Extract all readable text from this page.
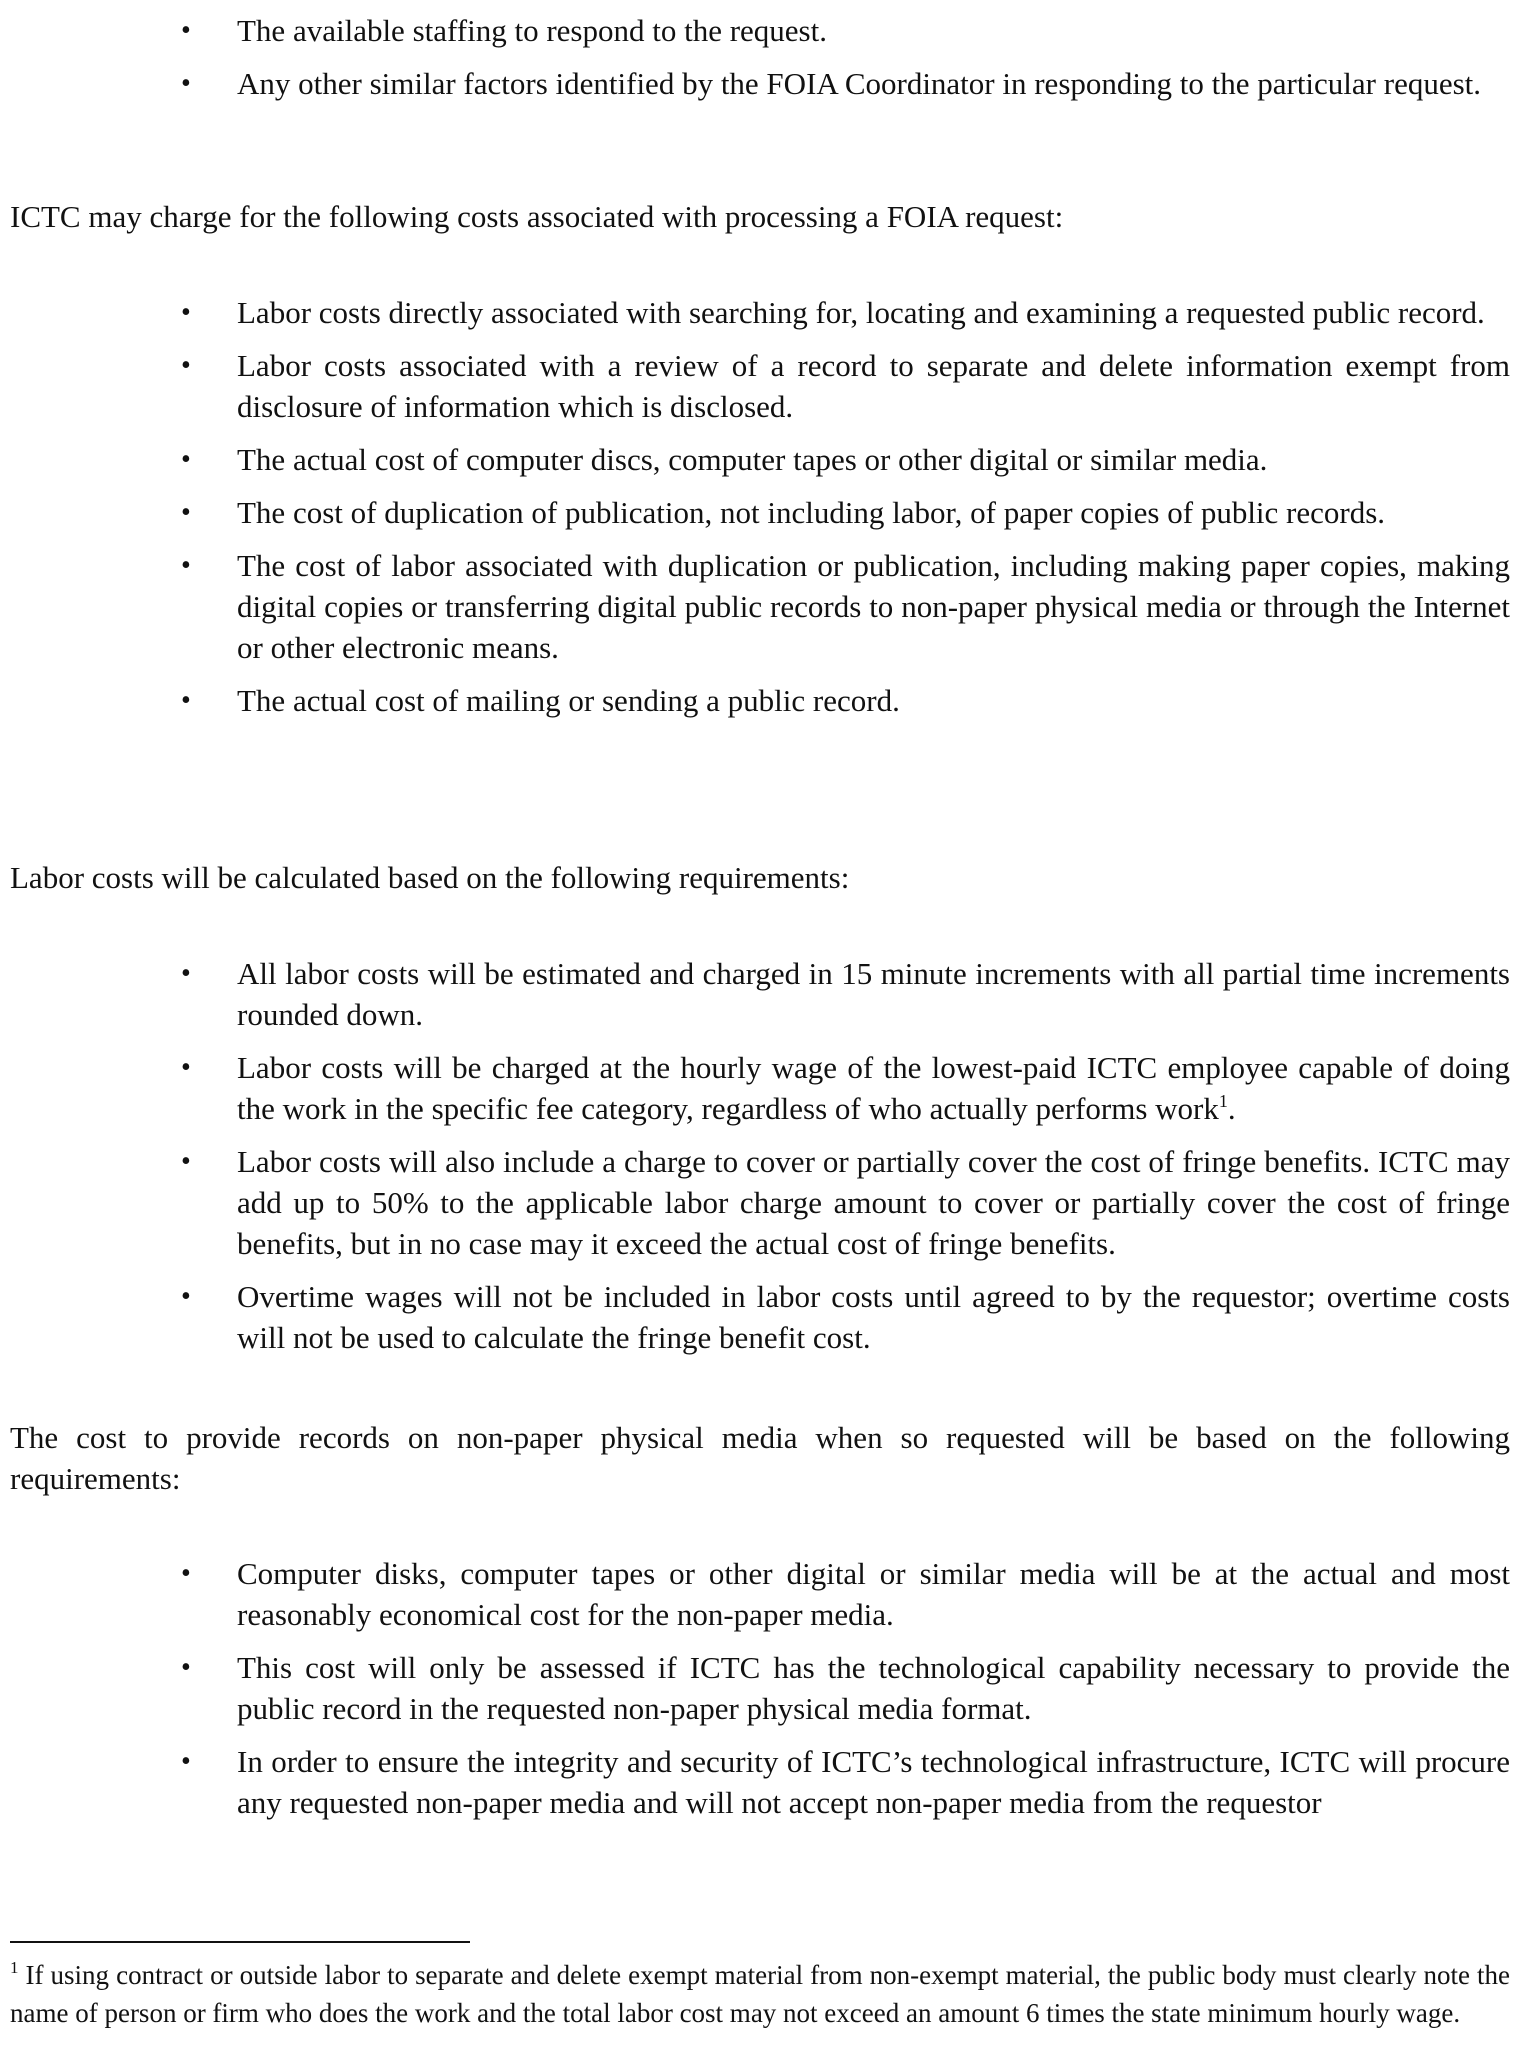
• The available staffing to respond to the request.
• Any other similar factors identified by the FOIA Coordinator in responding to the particular request.

ICTC may charge for the following costs associated with processing a FOIA request:

• Labor costs directly associated with searching for, locating and examining a requested public record.
• Labor costs associated with a review of a record to separate and delete information exempt from disclosure of information which is disclosed.
• The actual cost of computer discs, computer tapes or other digital or similar media.
• The cost of duplication of publication, not including labor, of paper copies of public records.
• The cost of labor associated with duplication or publication, including making paper copies, making digital copies or transferring digital public records to non-paper physical media or through the Internet or other electronic means.
• The actual cost of mailing or sending a public record.

Labor costs will be calculated based on the following requirements:

• All labor costs will be estimated and charged in 15 minute increments with all partial time increments rounded down.
• Labor costs will be charged at the hourly wage of the lowest-paid ICTC employee capable of doing the work in the specific fee category, regardless of who actually performs work$^1$.
• Labor costs will also include a charge to cover or partially cover the cost of fringe benefits. ICTC may add up to 50% to the applicable labor charge amount to cover or partially cover the cost of fringe benefits, but in no case may it exceed the actual cost of fringe benefits.
• Overtime wages will not be included in labor costs until agreed to by the requestor; overtime costs will not be used to calculate the fringe benefit cost.

The cost to provide records on non-paper physical media when so requested will be based on the following requirements:

• Computer disks, computer tapes or other digital or similar media will be at the actual and most reasonably economical cost for the non-paper media.
• This cost will only be assessed if ICTC has the technological capability necessary to provide the public record in the requested non-paper physical media format.
• In order to ensure the integrity and security of ICTC’s technological infrastructure, ICTC will procure any requested non-paper media and will not accept non-paper media from the requestor

$^1$ If using contract or outside labor to separate and delete exempt material from non-exempt material, the public body must clearly note the name of person or firm who does the work and the total labor cost may not exceed an amount 6 times the state minimum hourly wage.
